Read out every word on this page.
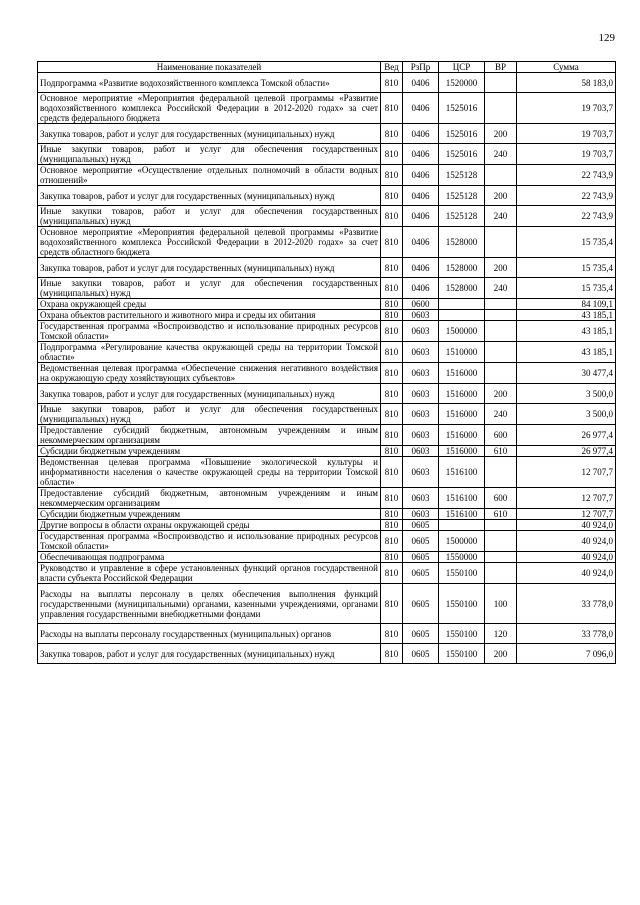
129
Наименование показателей	Вед	РзПр	ЦСР	ВР	Сумма
Подпрограмма «Развитие водохозяйственного комплекса Томской области»	810	0406	1520000		58 183,0
Основное мероприятие «Мероприятия федеральной целевой программы «Развитие водохозяйственного комплекса Российской Федерации в 2012-2020 годах» за счет средств федерального бюджета	810	0406	1525016		19 703,7
Закупка товаров, работ и услуг для государственных (муниципальных) нужд	810	0406	1525016	200	19 703,7
Иные закупки товаров, работ и услуг для обеспечения государственных (муниципальных) нужд	810	0406	1525016	240	19 703,7
Основное мероприятие «Осуществление отдельных полномочий в области водных отношений»	810	0406	1525128		22 743,9
Закупка товаров, работ и услуг для государственных (муниципальных) нужд	810	0406	1525128	200	22 743,9
Иные закупки товаров, работ и услуг для обеспечения государственных (муниципальных) нужд	810	0406	1525128	240	22 743,9
Основное мероприятие «Мероприятия федеральной целевой программы «Развитие водохозяйственного комплекса Российской Федерации в 2012-2020 годах» за счет средств областного бюджета	810	0406	1528000		15 735,4
Закупка товаров, работ и услуг для государственных (муниципальных) нужд	810	0406	1528000	200	15 735,4
Иные закупки товаров, работ и услуг для обеспечения государственных (муниципальных) нужд	810	0406	1528000	240	15 735,4
Охрана окружающей среды	810	0600			84 109,1
Охрана объектов растительного и животного мира и среды их обитания	810	0603			43 185,1
Государственная программа «Воспроизводство и использование природных ресурсов Томской области»	810	0603	1500000		43 185,1
Подпрограмма «Регулирование качества окружающей среды на территории Томской области»	810	0603	1510000		43 185,1
Ведомственная целевая программа «Обеспечение снижения негативного воздействия на окружающую среду хозяйствующих субъектов»	810	0603	1516000		30 477,4
Закупка товаров, работ и услуг для государственных (муниципальных) нужд	810	0603	1516000	200	3 500,0
Иные закупки товаров, работ и услуг для обеспечения государственных (муниципальных) нужд	810	0603	1516000	240	3 500,0
Предоставление субсидий бюджетным, автономным учреждениям и иным некоммерческим организациям	810	0603	1516000	600	26 977,4
Субсидии бюджетным учреждениям	810	0603	1516000	610	26 977,4
Ведомственная целевая программа «Повышение экологической культуры и информативности населения о качестве окружающей среды на территории Томской области»	810	0603	1516100		12 707,7
Предоставление субсидий бюджетным, автономным учреждениям и иным некоммерческим организациям	810	0603	1516100	600	12 707,7
Субсидии бюджетным учреждениям	810	0603	1516100	610	12 707,7
Другие вопросы в области охраны окружающей среды	810	0605			40 924,0
Государственная программа «Воспроизводство и использование природных ресурсов Томской области»	810	0605	1500000		40 924,0
Обеспечивающая подпрограмма	810	0605	1550000		40 924,0
Руководство и управление в сфере установленных функций органов государственной власти субъекта Российской Федерации	810	0605	1550100		40 924,0
Расходы на выплаты персоналу в целях обеспечения выполнения функций государственными (муниципальными) органами, казенными учреждениями, органами управления государственными внебюджетными фондами	810	0605	1550100	100	33 778,0
Расходы на выплаты персоналу государственных (муниципальных) органов	810	0605	1550100	120	33 778,0
Закупка товаров, работ и услуг для государственных (муниципальных) нужд	810	0605	1550100	200	7 096,0
